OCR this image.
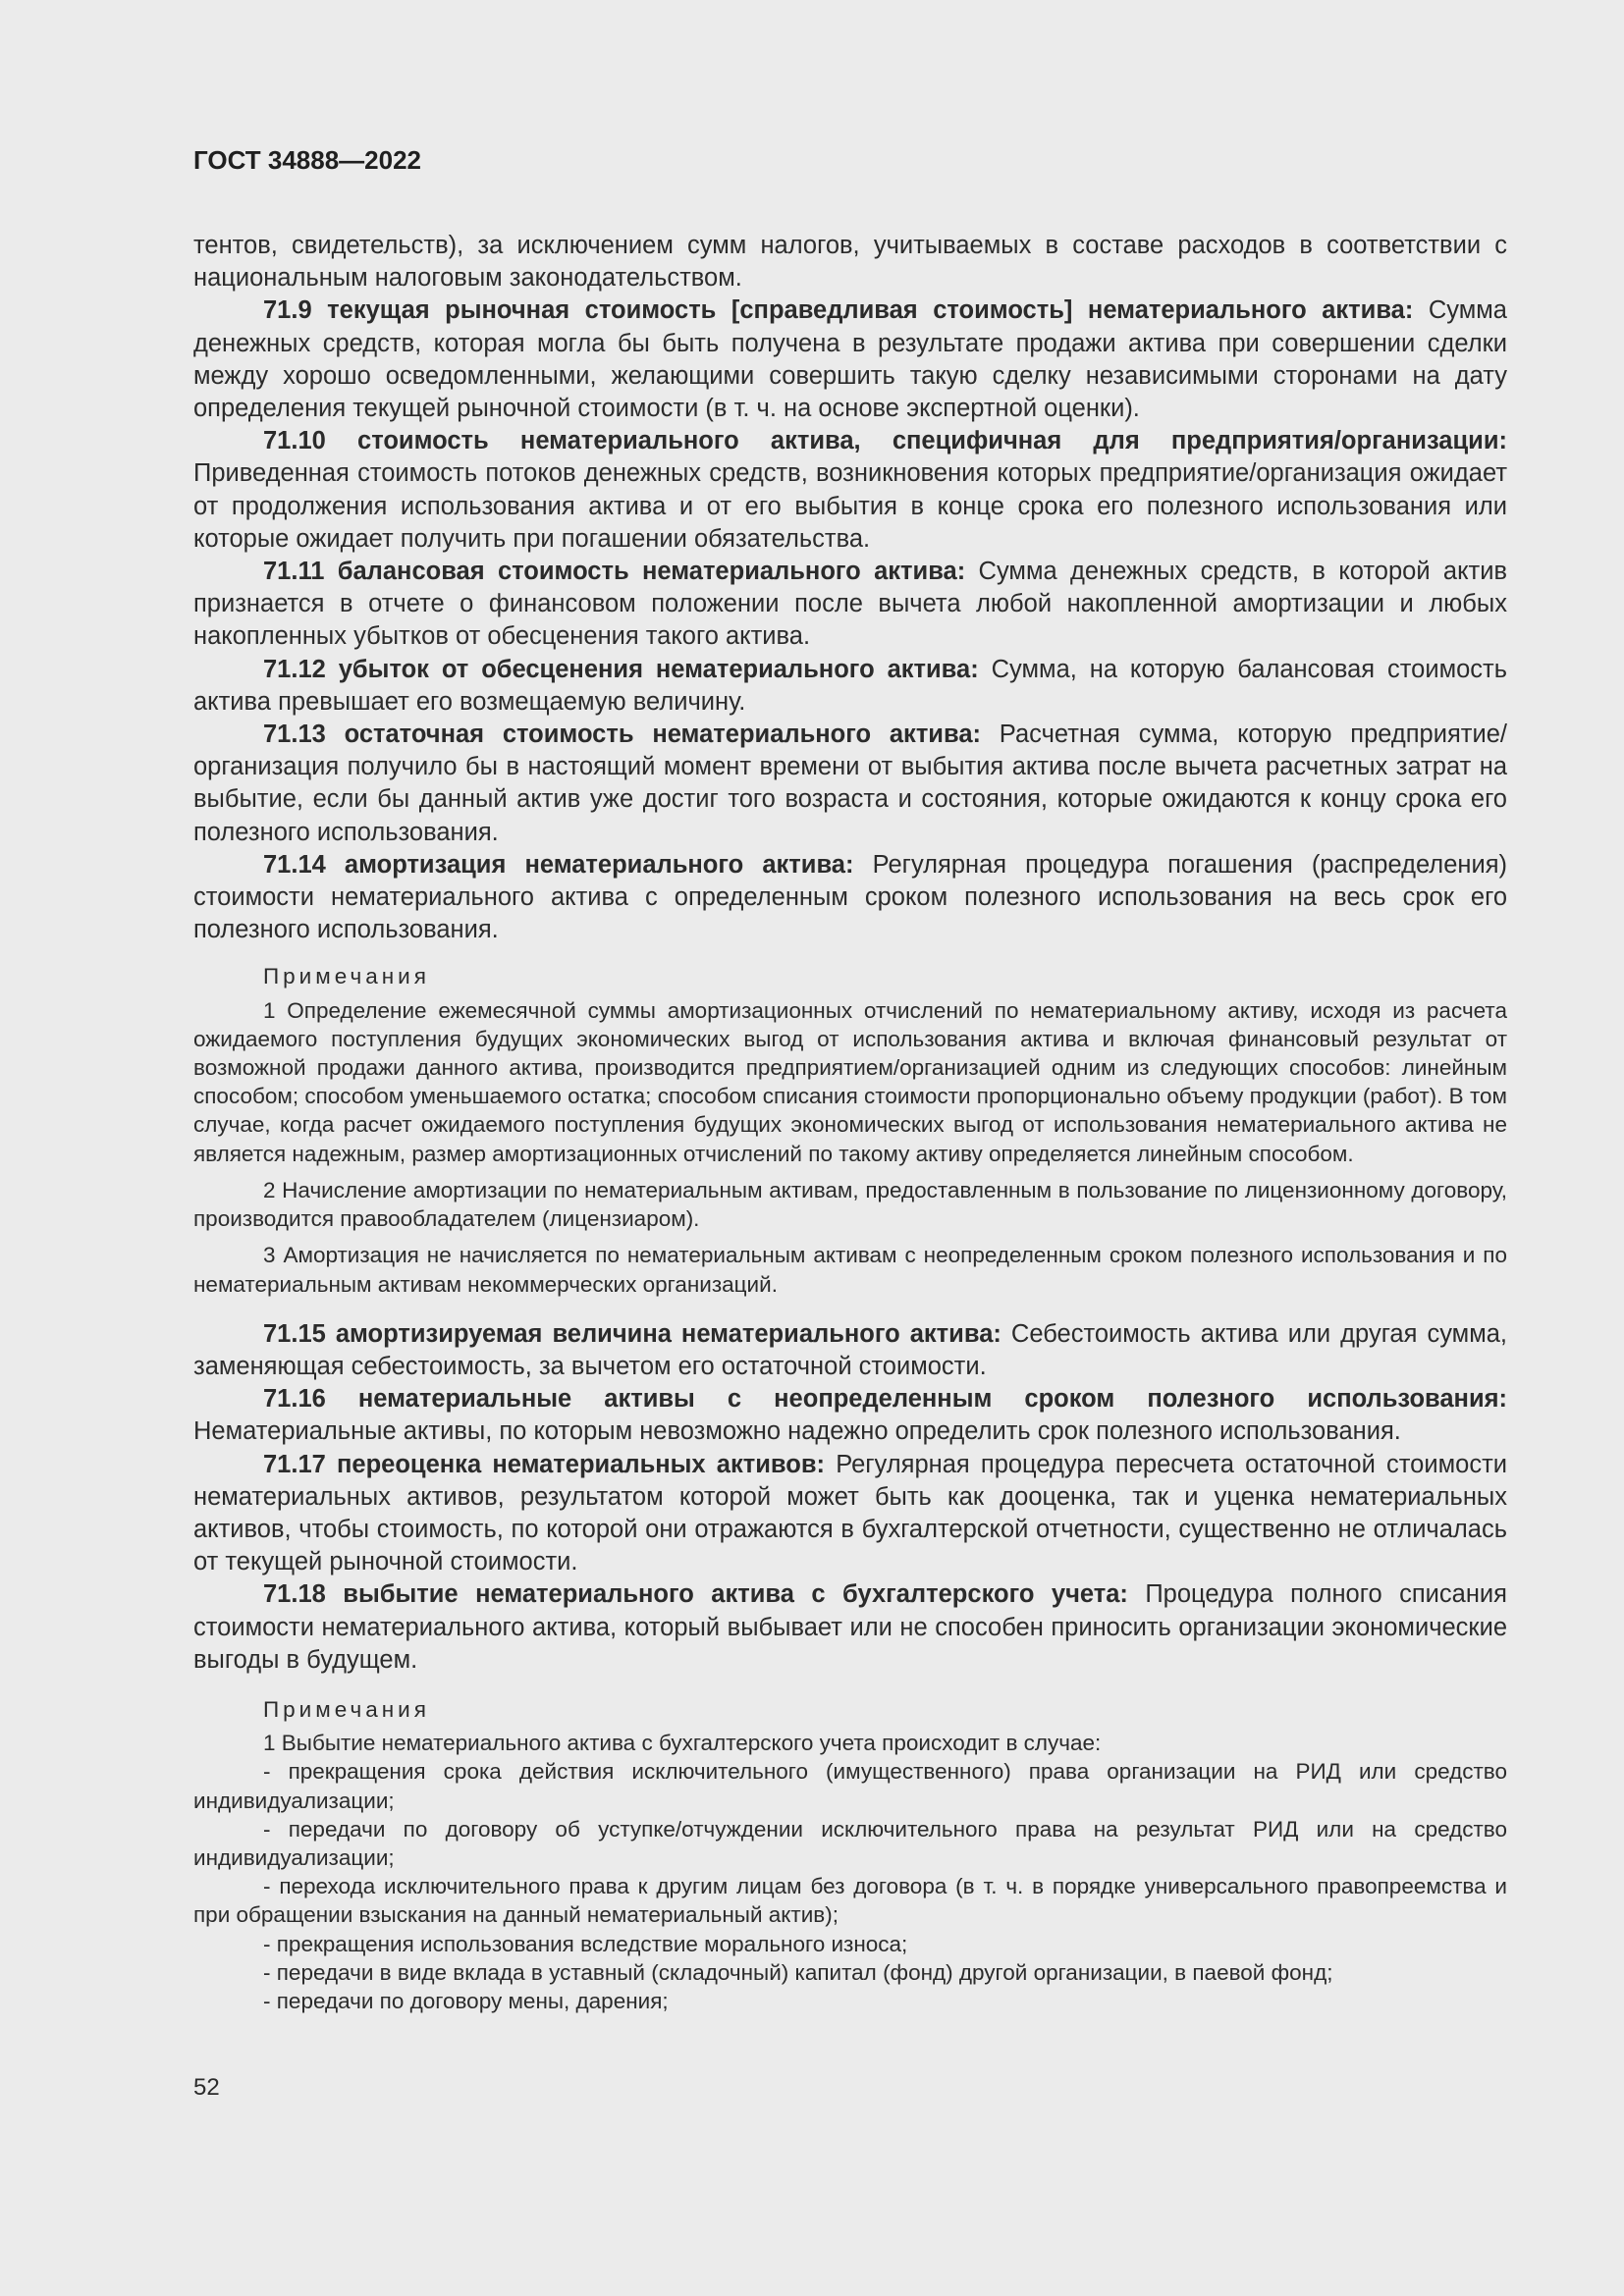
ГОСТ 34888—2022

тентов, свидетельств), за исключением сумм налогов, учитываемых в составе расходов в соответствии с национальным налоговым законодательством.

71.9 текущая рыночная стоимость [справедливая стоимость] нематериального актива: Сумма денежных средств, которая могла бы быть получена в результате продажи актива при совершении сделки между хорошо осведомленными, желающими совершить такую сделку независимыми сторонами на дату определения текущей рыночной стоимости (в т. ч. на основе экспертной оценки).

71.10 стоимость нематериального актива, специфичная для предприятия/организации: Приведенная стоимость потоков денежных средств, возникновения которых предприятие/организация ожидает от продолжения использования актива и от его выбытия в конце срока его полезного использования или которые ожидает получить при погашении обязательства.

71.11 балансовая стоимость нематериального актива: Сумма денежных средств, в которой актив признается в отчете о финансовом положении после вычета любой накопленной амортизации и любых накопленных убытков от обесценения такого актива.

71.12 убыток от обесценения нематериального актива: Сумма, на которую балансовая стоимость актива превышает его возмещаемую величину.

71.13 остаточная стоимость нематериального актива: Расчетная сумма, которую предприятие/организация получило бы в настоящий момент времени от выбытия актива после вычета расчетных затрат на выбытие, если бы данный актив уже достиг того возраста и состояния, которые ожидаются к концу срока его полезного использования.

71.14 амортизация нематериального актива: Регулярная процедура погашения (распределения) стоимости нематериального актива с определенным сроком полезного использования на весь срок его полезного использования.

Примечания

1 Определение ежемесячной суммы амортизационных отчислений по нематериальному активу, исходя из расчета ожидаемого поступления будущих экономических выгод от использования актива и включая финансовый результат от возможной продажи данного актива, производится предприятием/организацией одним из следующих способов: линейным способом; способом уменьшаемого остатка; способом списания стоимости пропорционально объему продукции (работ). В том случае, когда расчет ожидаемого поступления будущих экономических выгод от использования нематериального актива не является надежным, размер амортизационных отчислений по такому активу определяется линейным способом.

2 Начисление амортизации по нематериальным активам, предоставленным в пользование по лицензионному договору, производится правообладателем (лицензиаром).

3 Амортизация не начисляется по нематериальным активам с неопределенным сроком полезного использования и по нематериальным активам некоммерческих организаций.

71.15 амортизируемая величина нематериального актива: Себестоимость актива или другая сумма, заменяющая себестоимость, за вычетом его остаточной стоимости.

71.16 нематериальные активы с неопределенным сроком полезного использования: Нематериальные активы, по которым невозможно надежно определить срок полезного использования.

71.17 переоценка нематериальных активов: Регулярная процедура пересчета остаточной стоимости нематериальных активов, результатом которой может быть как дооценка, так и уценка нематериальных активов, чтобы стоимость, по которой они отражаются в бухгалтерской отчетности, существенно не отличалась от текущей рыночной стоимости.

71.18 выбытие нематериального актива с бухгалтерского учета: Процедура полного списания стоимости нематериального актива, который выбывает или не способен приносить организации экономические выгоды в будущем.

Примечания

1 Выбытие нематериального актива с бухгалтерского учета происходит в случае:

- прекращения срока действия исключительного (имущественного) права организации на РИД или средство индивидуализации;

- передачи по договору об уступке/отчуждении исключительного права на результат РИД или на средство индивидуализации;

- перехода исключительного права к другим лицам без договора (в т. ч. в порядке универсального правопреемства и при обращении взыскания на данный нематериальный актив);

- прекращения использования вследствие морального износа;

- передачи в виде вклада в уставный (складочный) капитал (фонд) другой организации, в паевой фонд;

- передачи по договору мены, дарения;

52
